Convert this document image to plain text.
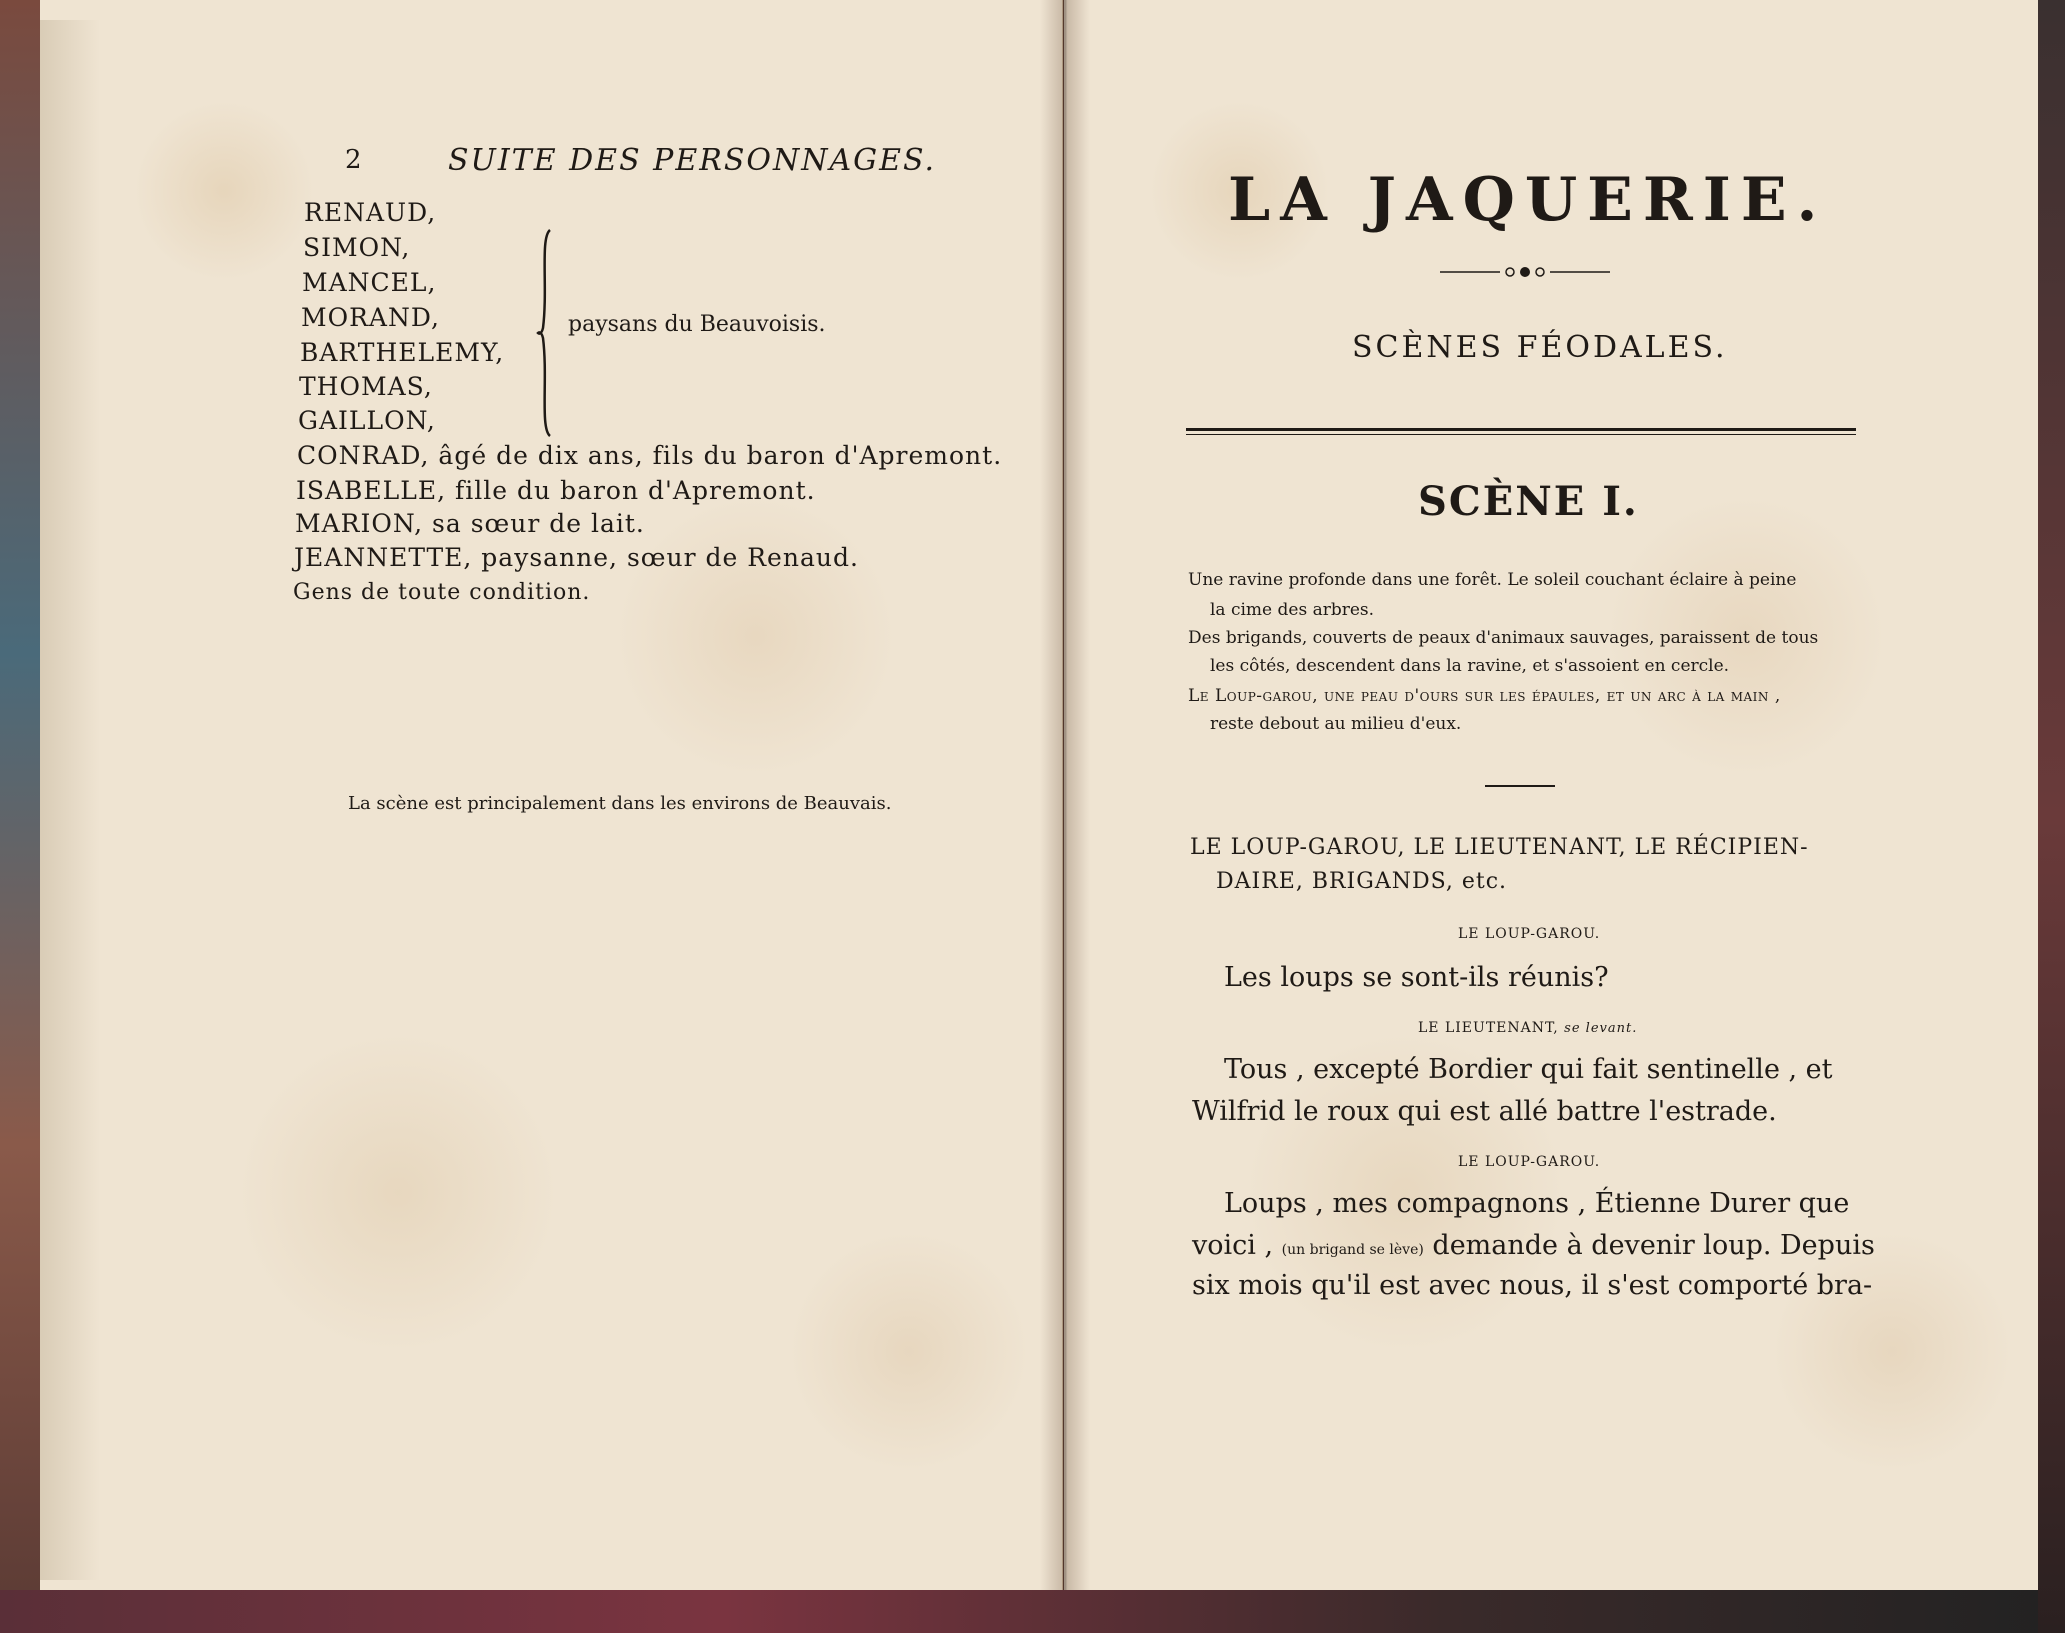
2	SUITE DES PERSONNAGES.
RENAUD,
SIMON,
MANCEL,
MORAND,
BARTHELEMY,
THOMAS,
GAILLON,
paysans du Beauvoisis.
CONRAD, âgé de dix ans, fils du baron d'Apremont.
ISABELLE, fille du baron d'Apremont.
MARION, sa sœur de lait.
JEANNETTE, paysanne, sœur de Renaud.
Gens de toute condition.
La scène est principalement dans les environs de Beauvais.
LA JAQUERIE.
SCÈNES FÉODALES.
SCÈNE I.
Une ravine profonde dans une forêt. Le soleil couchant éclaire à peine
la cime des arbres.
Des brigands, couverts de peaux d'animaux sauvages, paraissent de tous
les côtés, descendent dans la ravine, et s'assoient en cercle.
Le Loup-garou, une peau d'ours sur les épaules, et un arc à la main ,
reste debout au milieu d'eux.
LE LOUP-GAROU, LE LIEUTENANT, LE RÉCIPIEN-
DAIRE, BRIGANDS, etc.
LE LOUP-GAROU.
Les loups se sont-ils réunis?
LE LIEUTENANT, se levant.
Tous , excepté Bordier qui fait sentinelle , et
Wilfrid le roux qui est allé battre l'estrade.
LE LOUP-GAROU.
Loups , mes compagnons , Étienne Durer que
voici , (un brigand se lève) demande à devenir loup. Depuis
six mois qu'il est avec nous, il s'est comporté bra-
